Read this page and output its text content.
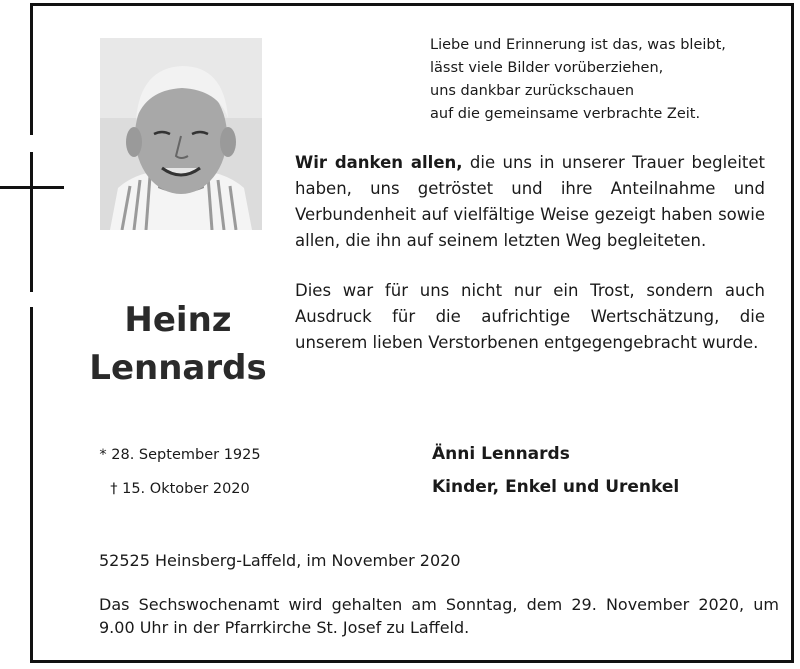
Liebe und Erinnerung ist das, was bleibt,
lässt viele Bilder vorüberziehen,
uns dankbar zurückschauen
auf die gemeinsame verbrachte Zeit.

Wir danken allen, die uns in unserer Trauer begleitet haben, uns getröstet und ihre Anteilnahme und Verbundenheit auf vielfältige Weise gezeigt haben sowie allen, die ihn auf seinem letzten Weg begleiteten.

Dies war für uns nicht nur ein Trost, sondern auch Ausdruck für die aufrichtige Wertschätzung, die unserem lieben Verstorbenen entgegengebracht wurde.

Heinz
Lennards
* 28. September 1925
† 15. Oktober 2020
Änni Lennards
Kinder, Enkel und Urenkel
52525 Heinsberg-Laffeld, im November 2020
Das Sechswochenamt wird gehalten am Sonntag, dem 29. November 2020, um 9.00 Uhr in der Pfarrkirche St. Josef zu Laffeld.
